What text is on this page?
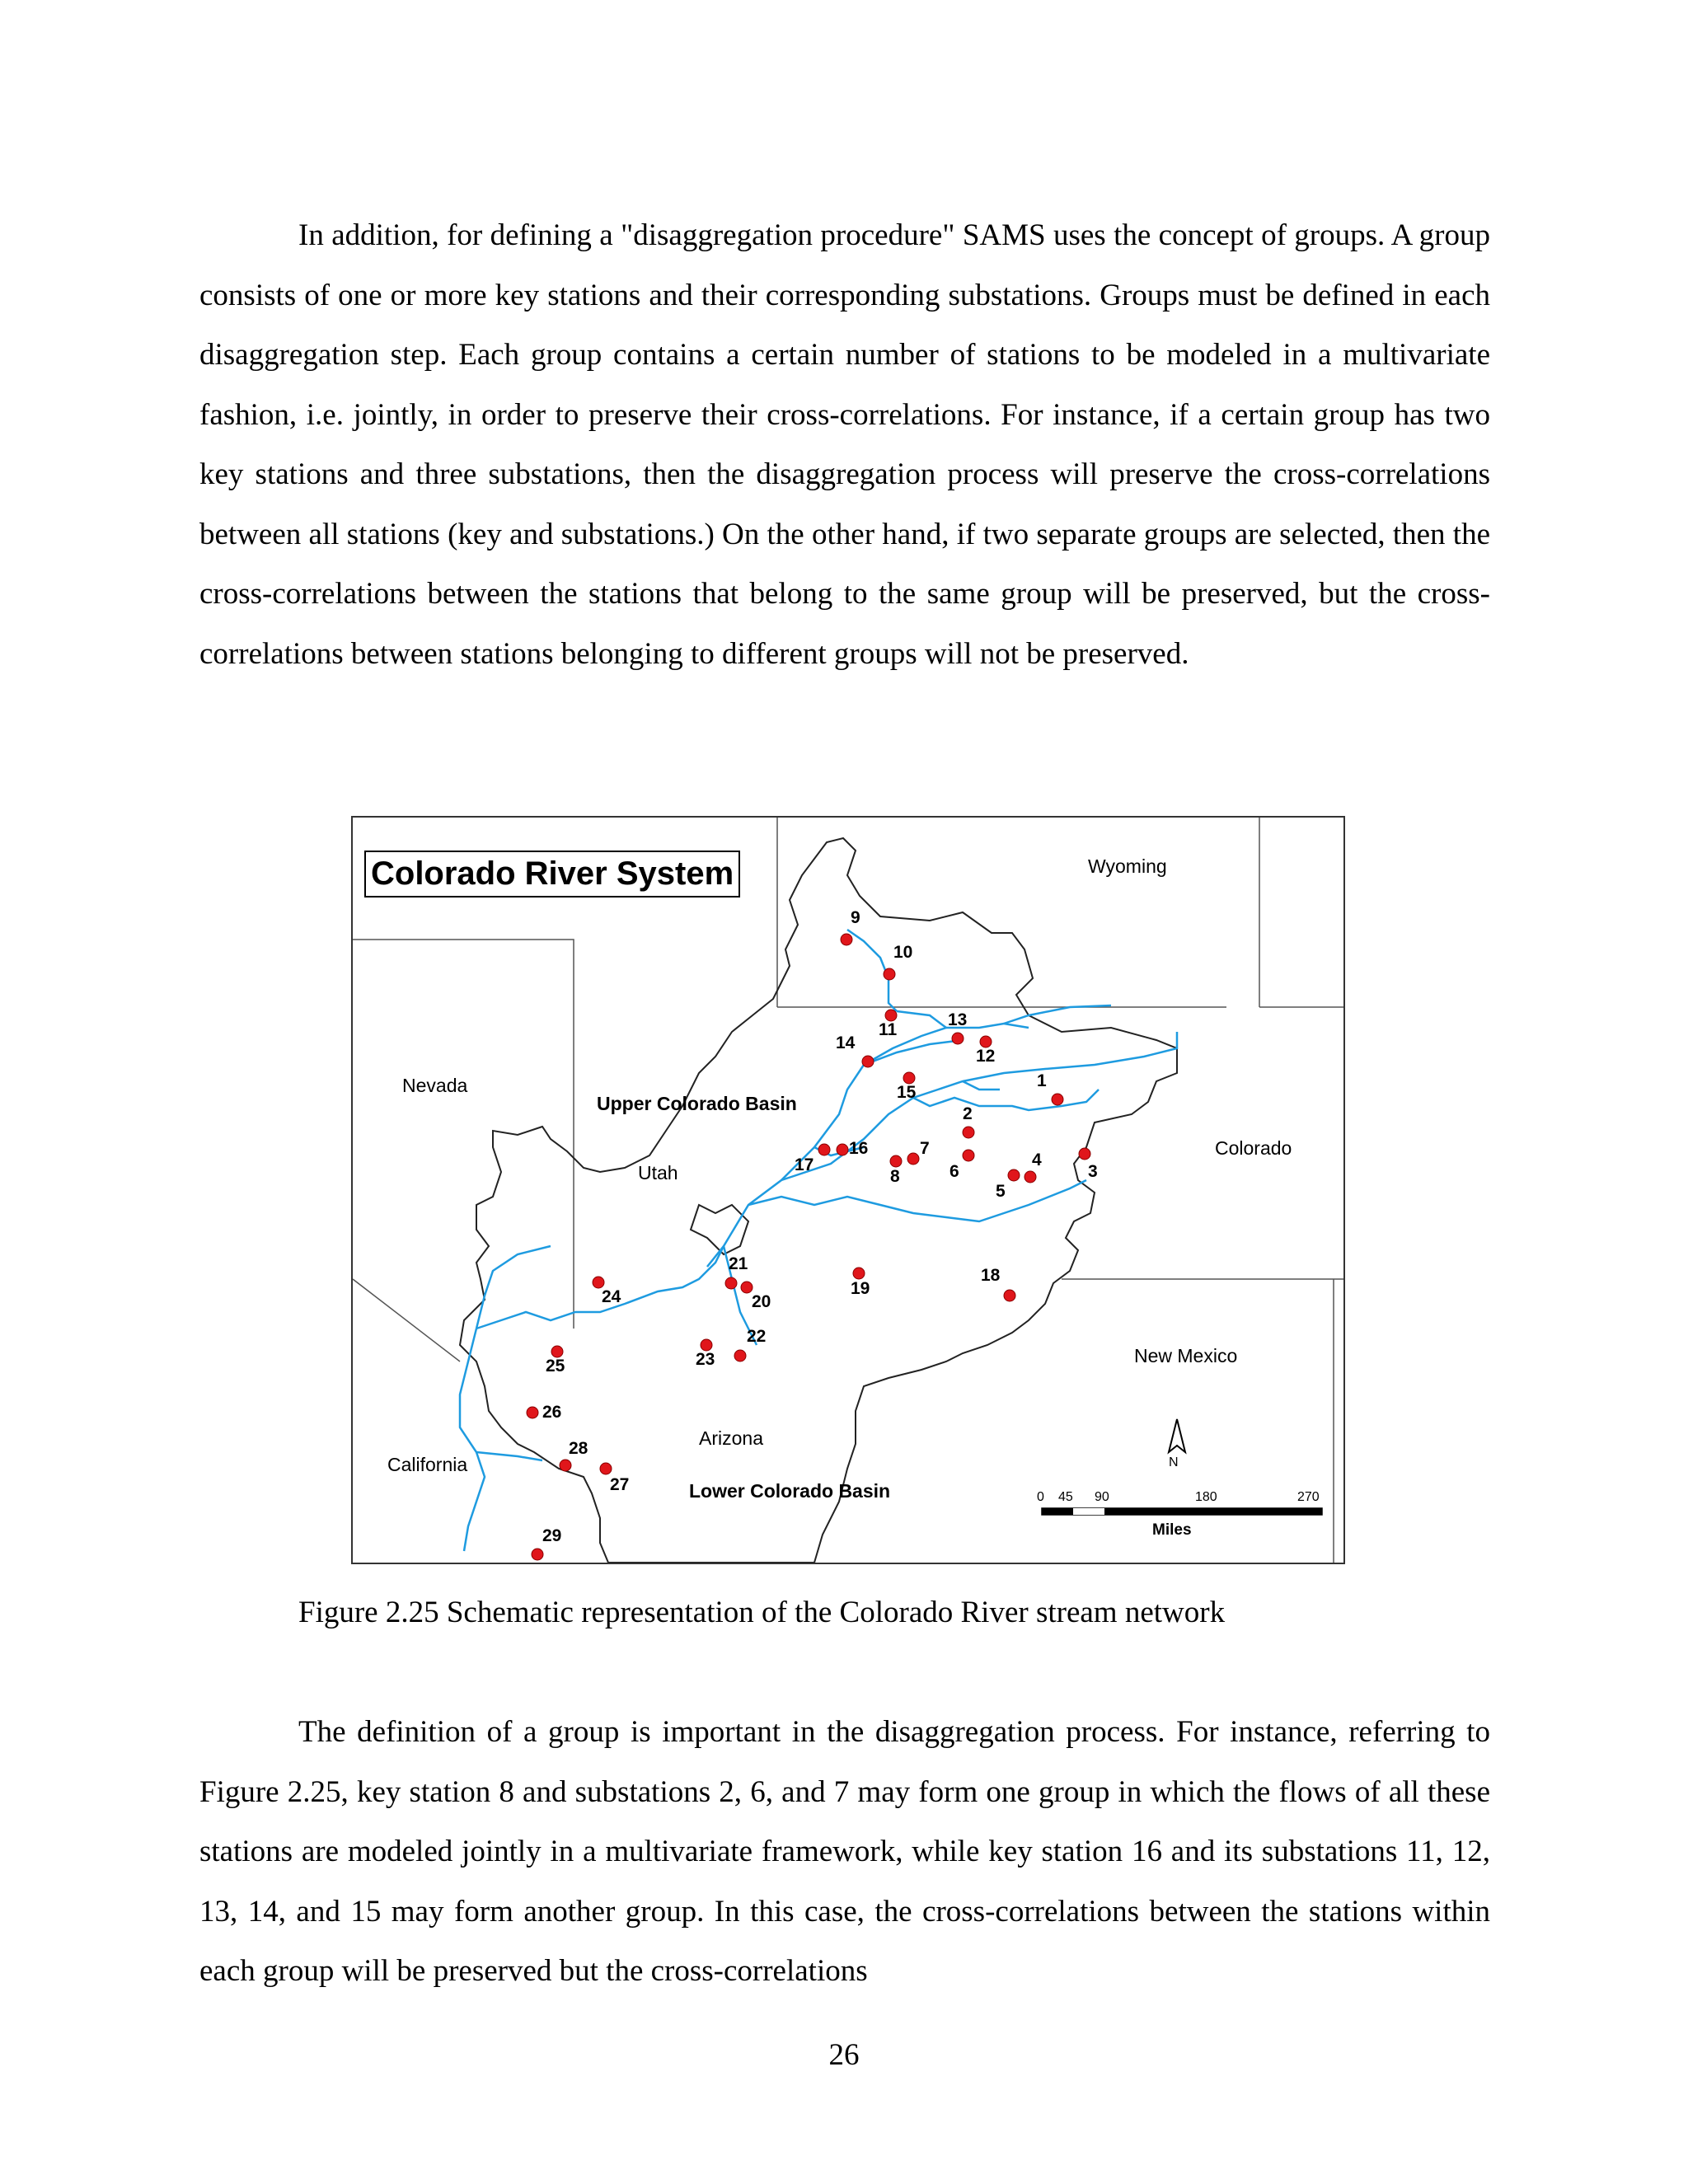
In addition, for defining a "disaggregation procedure" SAMS uses the concept of groups. A group consists of one or more key stations and their corresponding substations. Groups must be defined in each disaggregation step. Each group contains a certain number of stations to be modeled in a multivariate fashion, i.e. jointly, in order to preserve their cross-correlations. For instance, if a certain group has two key stations and three substations, then the disaggregation process will preserve the cross-correlations between all stations (key and substations.) On the other hand, if two separate groups are selected, then the cross-correlations between the stations that belong to the same group will be preserved, but the cross-correlations between stations belonging to different groups will not be preserved.

Colorado River System	Wyoming
Nevada
Upper Colorado Basin
Utah
Colorado
New Mexico
California
Arizona
Lower Colorado Basin
1
2
3
4
5
6
7
8
9
10
11
12
13
14
15
16
17
18
19
20
21
22
23
24
25
26
27
28
29
N
0 45 90	180	270
Miles
Figure 2.25 Schematic representation of the Colorado River stream network

The definition of a group is important in the disaggregation process. For instance, referring to Figure 2.25, key station 8 and substations 2, 6, and 7 may form one group in which the flows of all these stations are modeled jointly in a multivariate framework, while key station 16 and its substations 11, 12, 13, 14, and 15 may form another group. In this case, the cross-correlations between the stations within each group will be preserved but the cross-correlations

26
